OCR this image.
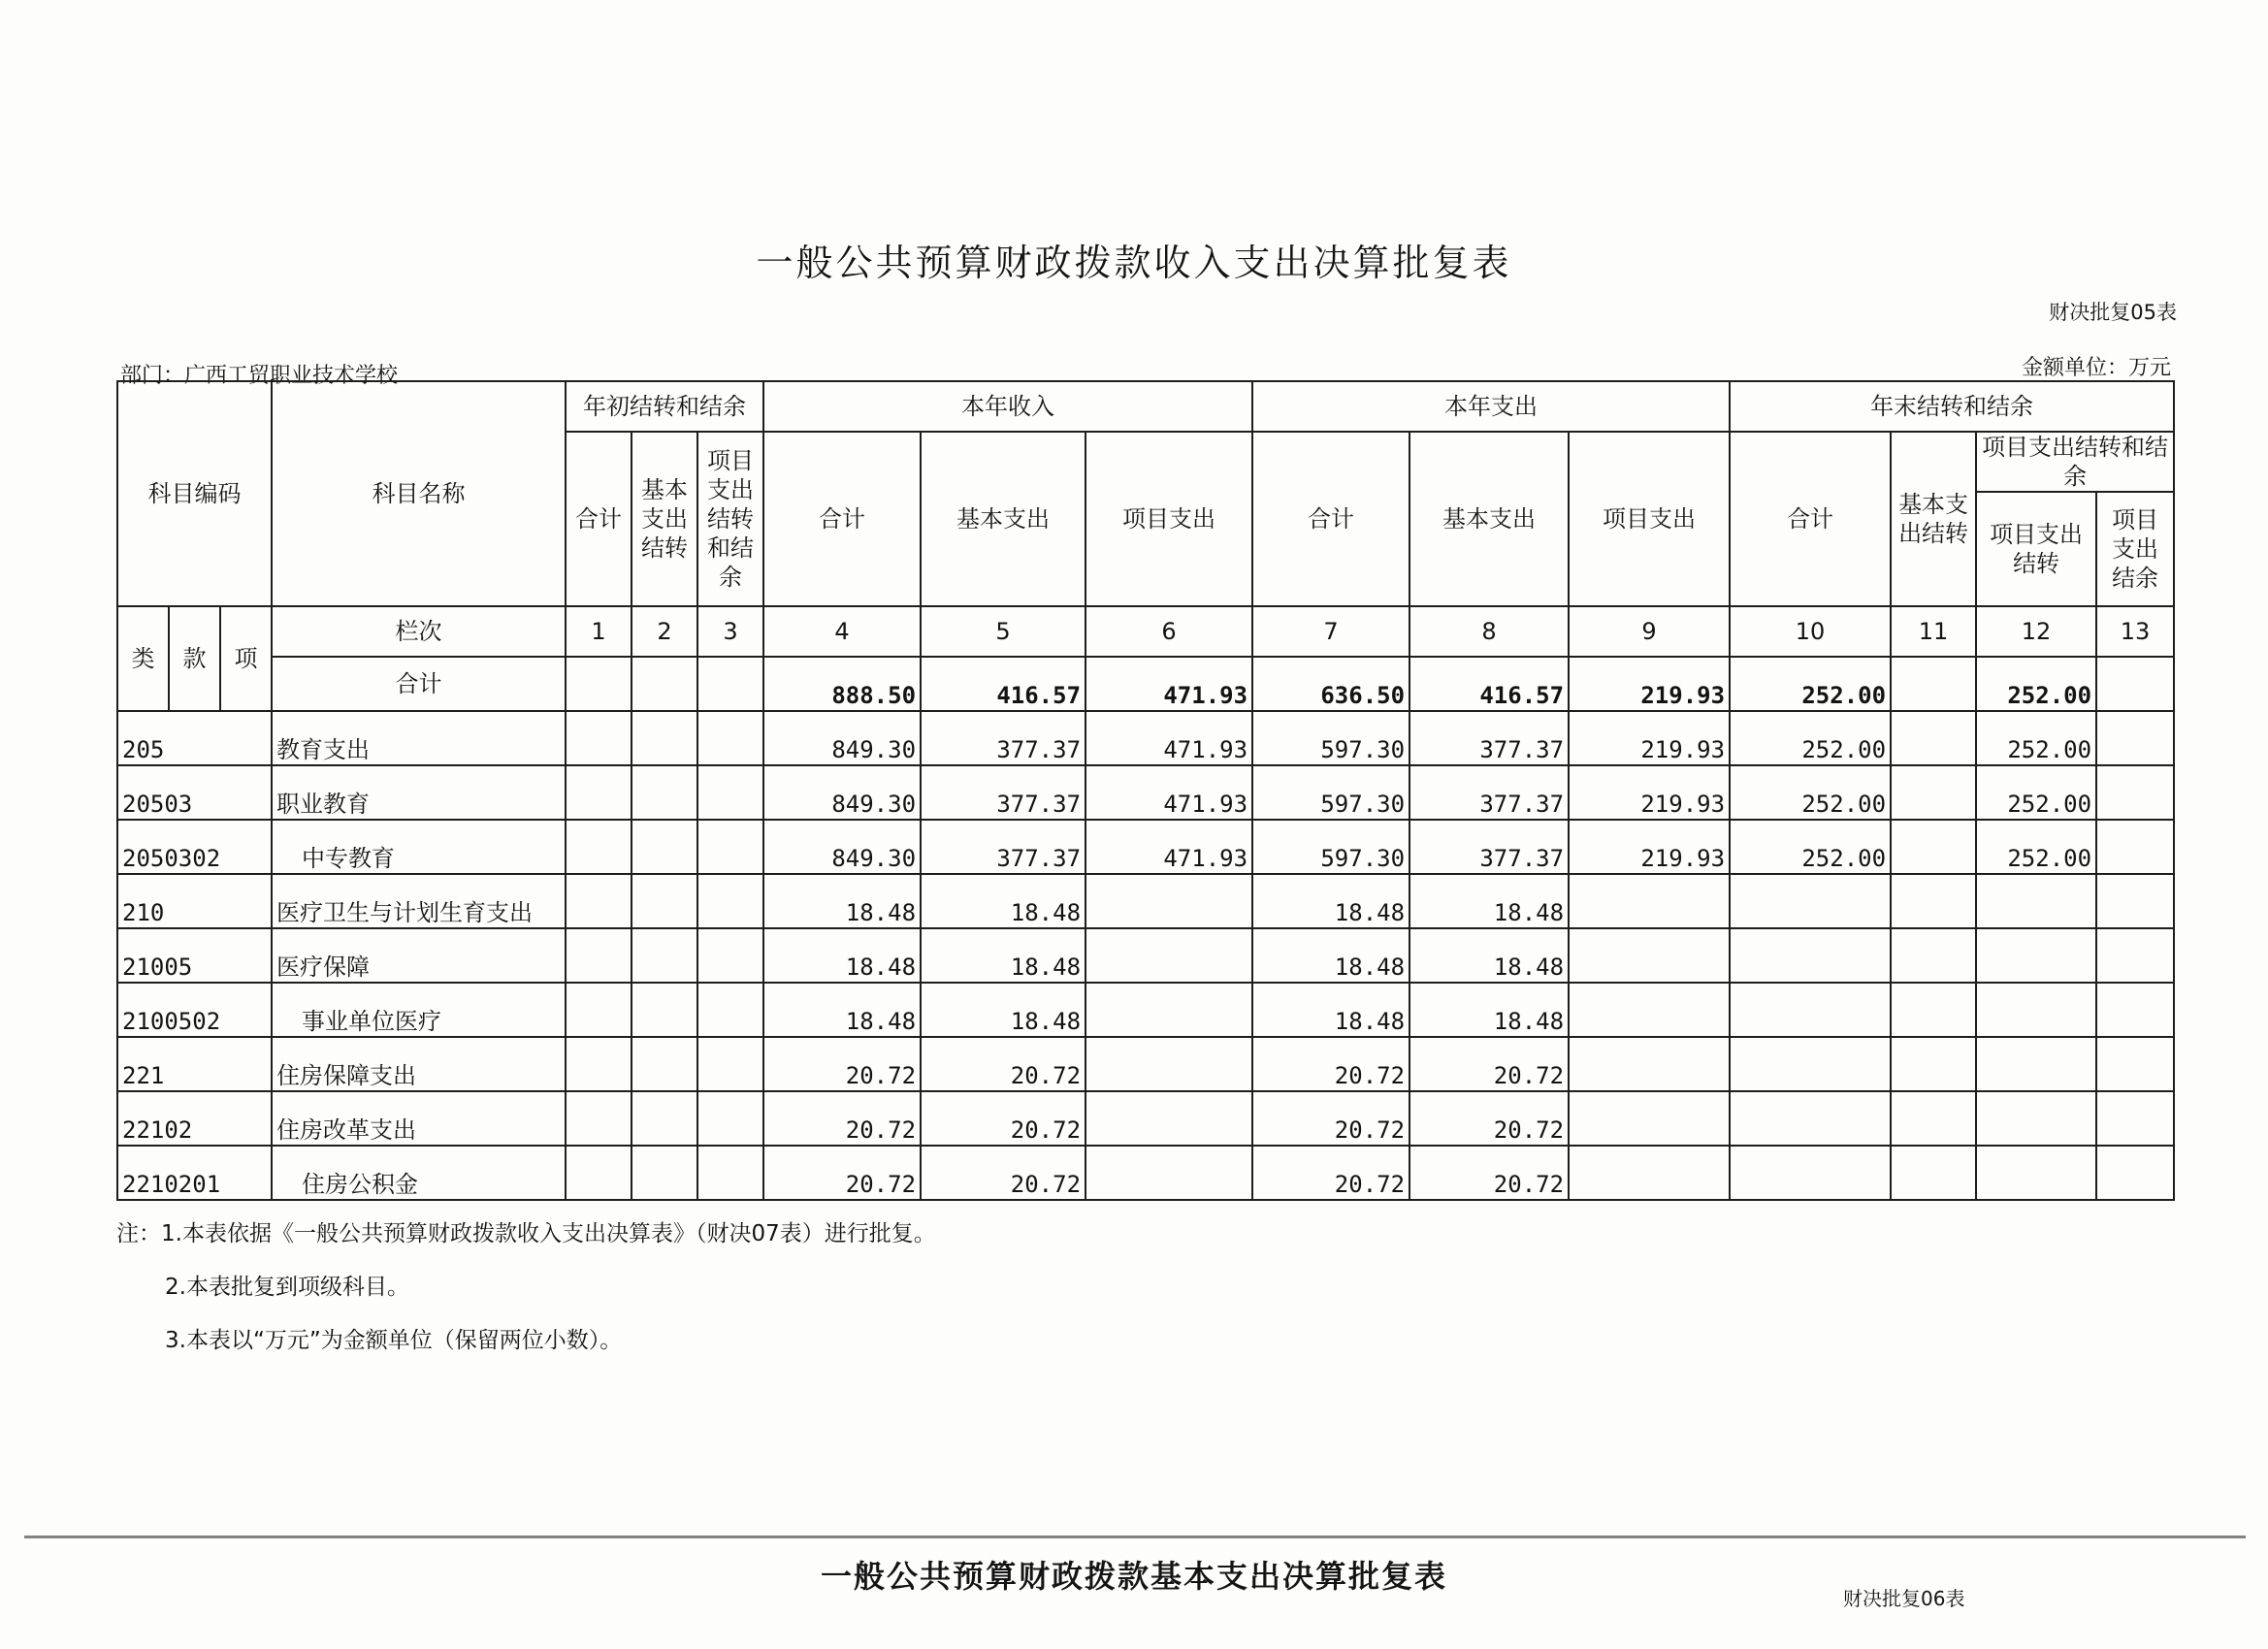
一般公共预算财政拨款收入支出决算批复表
财决批复05表
部门：广西工贸职业技术学校	金额单位：万元
科目编码			科目名称	年初结转和结余			本年收入			本年支出			年末结转和结余			
				合计	基本支出结转	项目支出结转和结余	合计	基本支出	项目支出	合计	基本支出	项目支出	合计	基本支出结转	项目支出结转和结余	
															项目支出结转	项目支出结余
类	款	项	栏次	1	2	3	4	5	6	7	8	9	10	11	12	13
			合计				888.50	416.57	471.93	636.50	416.57	219.93	252.00		252.00	
205			教育支出				849.30	377.37	471.93	597.30	377.37	219.93	252.00		252.00	
20503			职业教育				849.30	377.37	471.93	597.30	377.37	219.93	252.00		252.00	
2050302			中专教育				849.30	377.37	471.93	597.30	377.37	219.93	252.00		252.00	
210			医疗卫生与计划生育支出				18.48	18.48		18.48	18.48					
21005			医疗保障				18.48	18.48		18.48	18.48					
2100502			事业单位医疗				18.48	18.48		18.48	18.48					
221			住房保障支出				20.72	20.72		20.72	20.72					
22102			住房改革支出				20.72	20.72		20.72	20.72					
2210201			住房公积金				20.72	20.72		20.72	20.72					
注：1.本表依据《一般公共预算财政拨款收入支出决算表》（财决07表）进行批复。
2.本表批复到项级科目。
3.本表以“万元”为金额单位（保留两位小数）。
一般公共预算财政拨款基本支出决算批复表
财决批复06表
